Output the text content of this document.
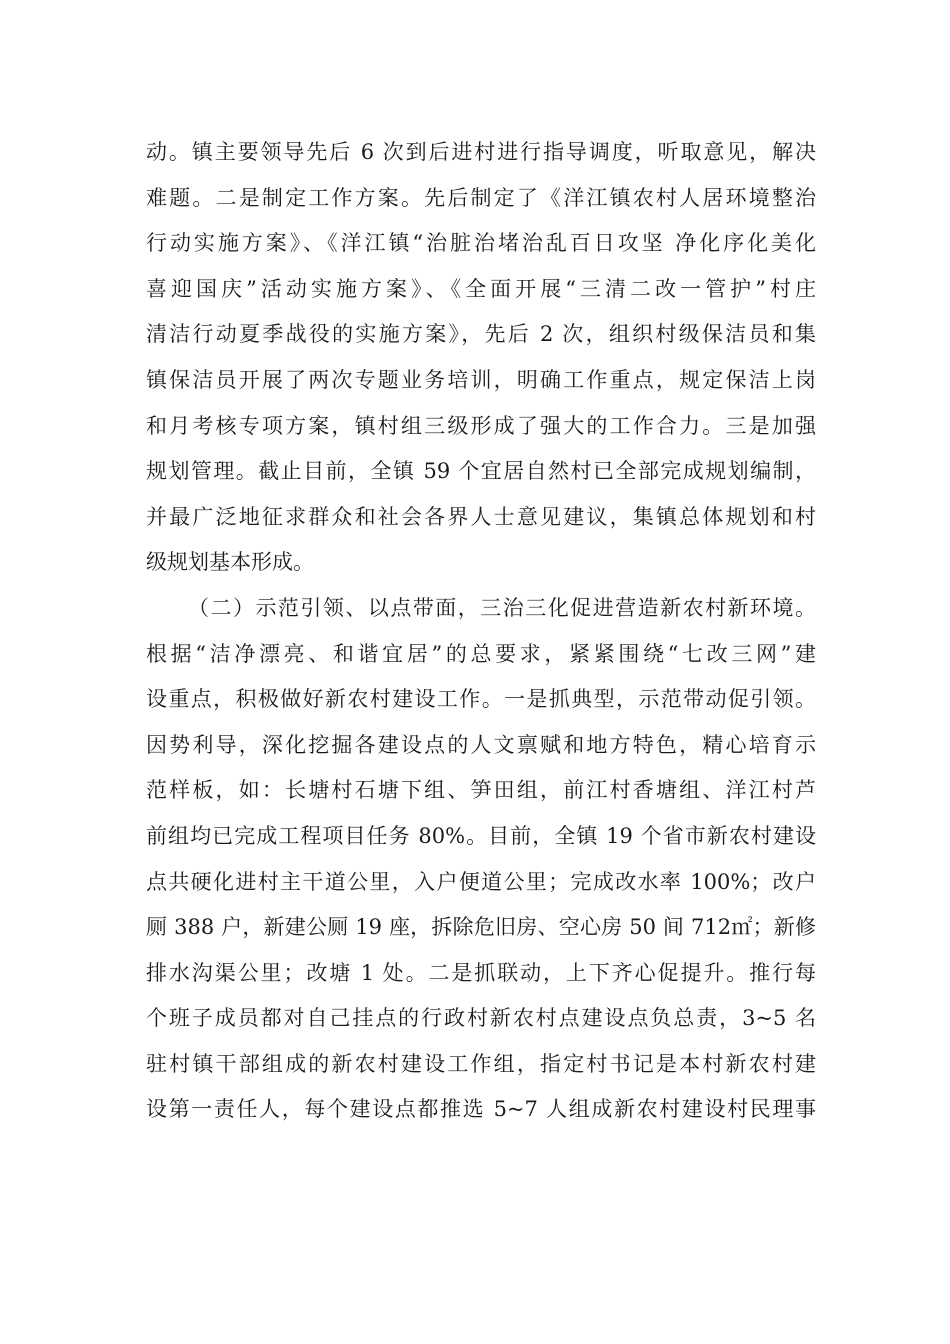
动。镇主要领导先后 6 次到后进村进行指导调度，听取意见，解决
难题。二是制定工作方案。先后制定了《洋江镇农村人居环境整治
行动实施方案》、《洋江镇“治脏治堵治乱百日攻坚 净化序化美化
喜迎国庆”活动实施方案》、《全面开展“三清二改一管护”村庄
清洁行动夏季战役的实施方案》，先后 2 次，组织村级保洁员和集
镇保洁员开展了两次专题业务培训，明确工作重点，规定保洁上岗
和月考核专项方案，镇村组三级形成了强大的工作合力。三是加强
规划管理。截止目前，全镇 59 个宜居自然村已全部完成规划编制，
并最广泛地征求群众和社会各界人士意见建议，集镇总体规划和村
级规划基本形成。
（二）示范引领、以点带面，三治三化促进营造新农村新环境。
根据“洁净漂亮、和谐宜居”的总要求，紧紧围绕“七改三网”建
设重点，积极做好新农村建设工作。一是抓典型，示范带动促引领。
因势利导，深化挖掘各建设点的人文禀赋和地方特色，精心培育示
范样板，如：长塘村石塘下组、笋田组，前江村香塘组、洋江村芦
前组均已完成工程项目任务 80%。目前，全镇 19 个省市新农村建设
点共硬化进村主干道公里，入户便道公里；完成改水率 100%；改户
厕 388 户，新建公厕 19 座，拆除危旧房、空心房 50 间 712㎡；新修
排水沟渠公里；改塘 1 处。二是抓联动，上下齐心促提升。推行每
个班子成员都对自己挂点的行政村新农村点建设点负总责，3~5 名
驻村镇干部组成的新农村建设工作组，指定村书记是本村新农村建
设第一责任人，每个建设点都推选 5~7 人组成新农村建设村民理事
